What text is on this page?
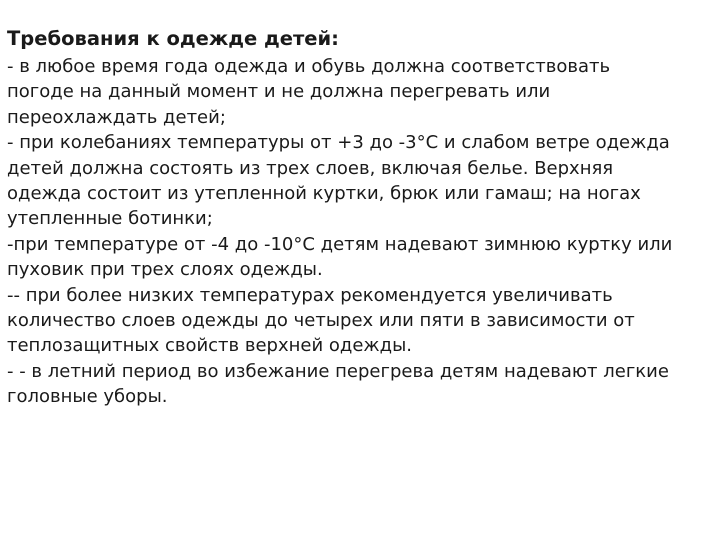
Требования к одежде детей:
- в любое время года одежда и обувь должна соответствовать
погоде на данный момент и не должна перегревать или
переохлаждать детей;
- при колебаниях температуры от +3 до -3°С и слабом ветре одежда
детей должна состоять из трех слоев, включая белье. Верхняя
одежда состоит из утепленной куртки, брюк или гамаш; на ногах
утепленные ботинки;
-при температуре от -4 до -10°С детям надевают зимнюю куртку или
пуховик при трех слоях одежды.
-- при более низких температурах рекомендуется увеличивать
количество слоев одежды до четырех или пяти в зависимости от
теплозащитных свойств верхней одежды.
- - в летний период во избежание перегрева детям надевают легкие
головные уборы.
